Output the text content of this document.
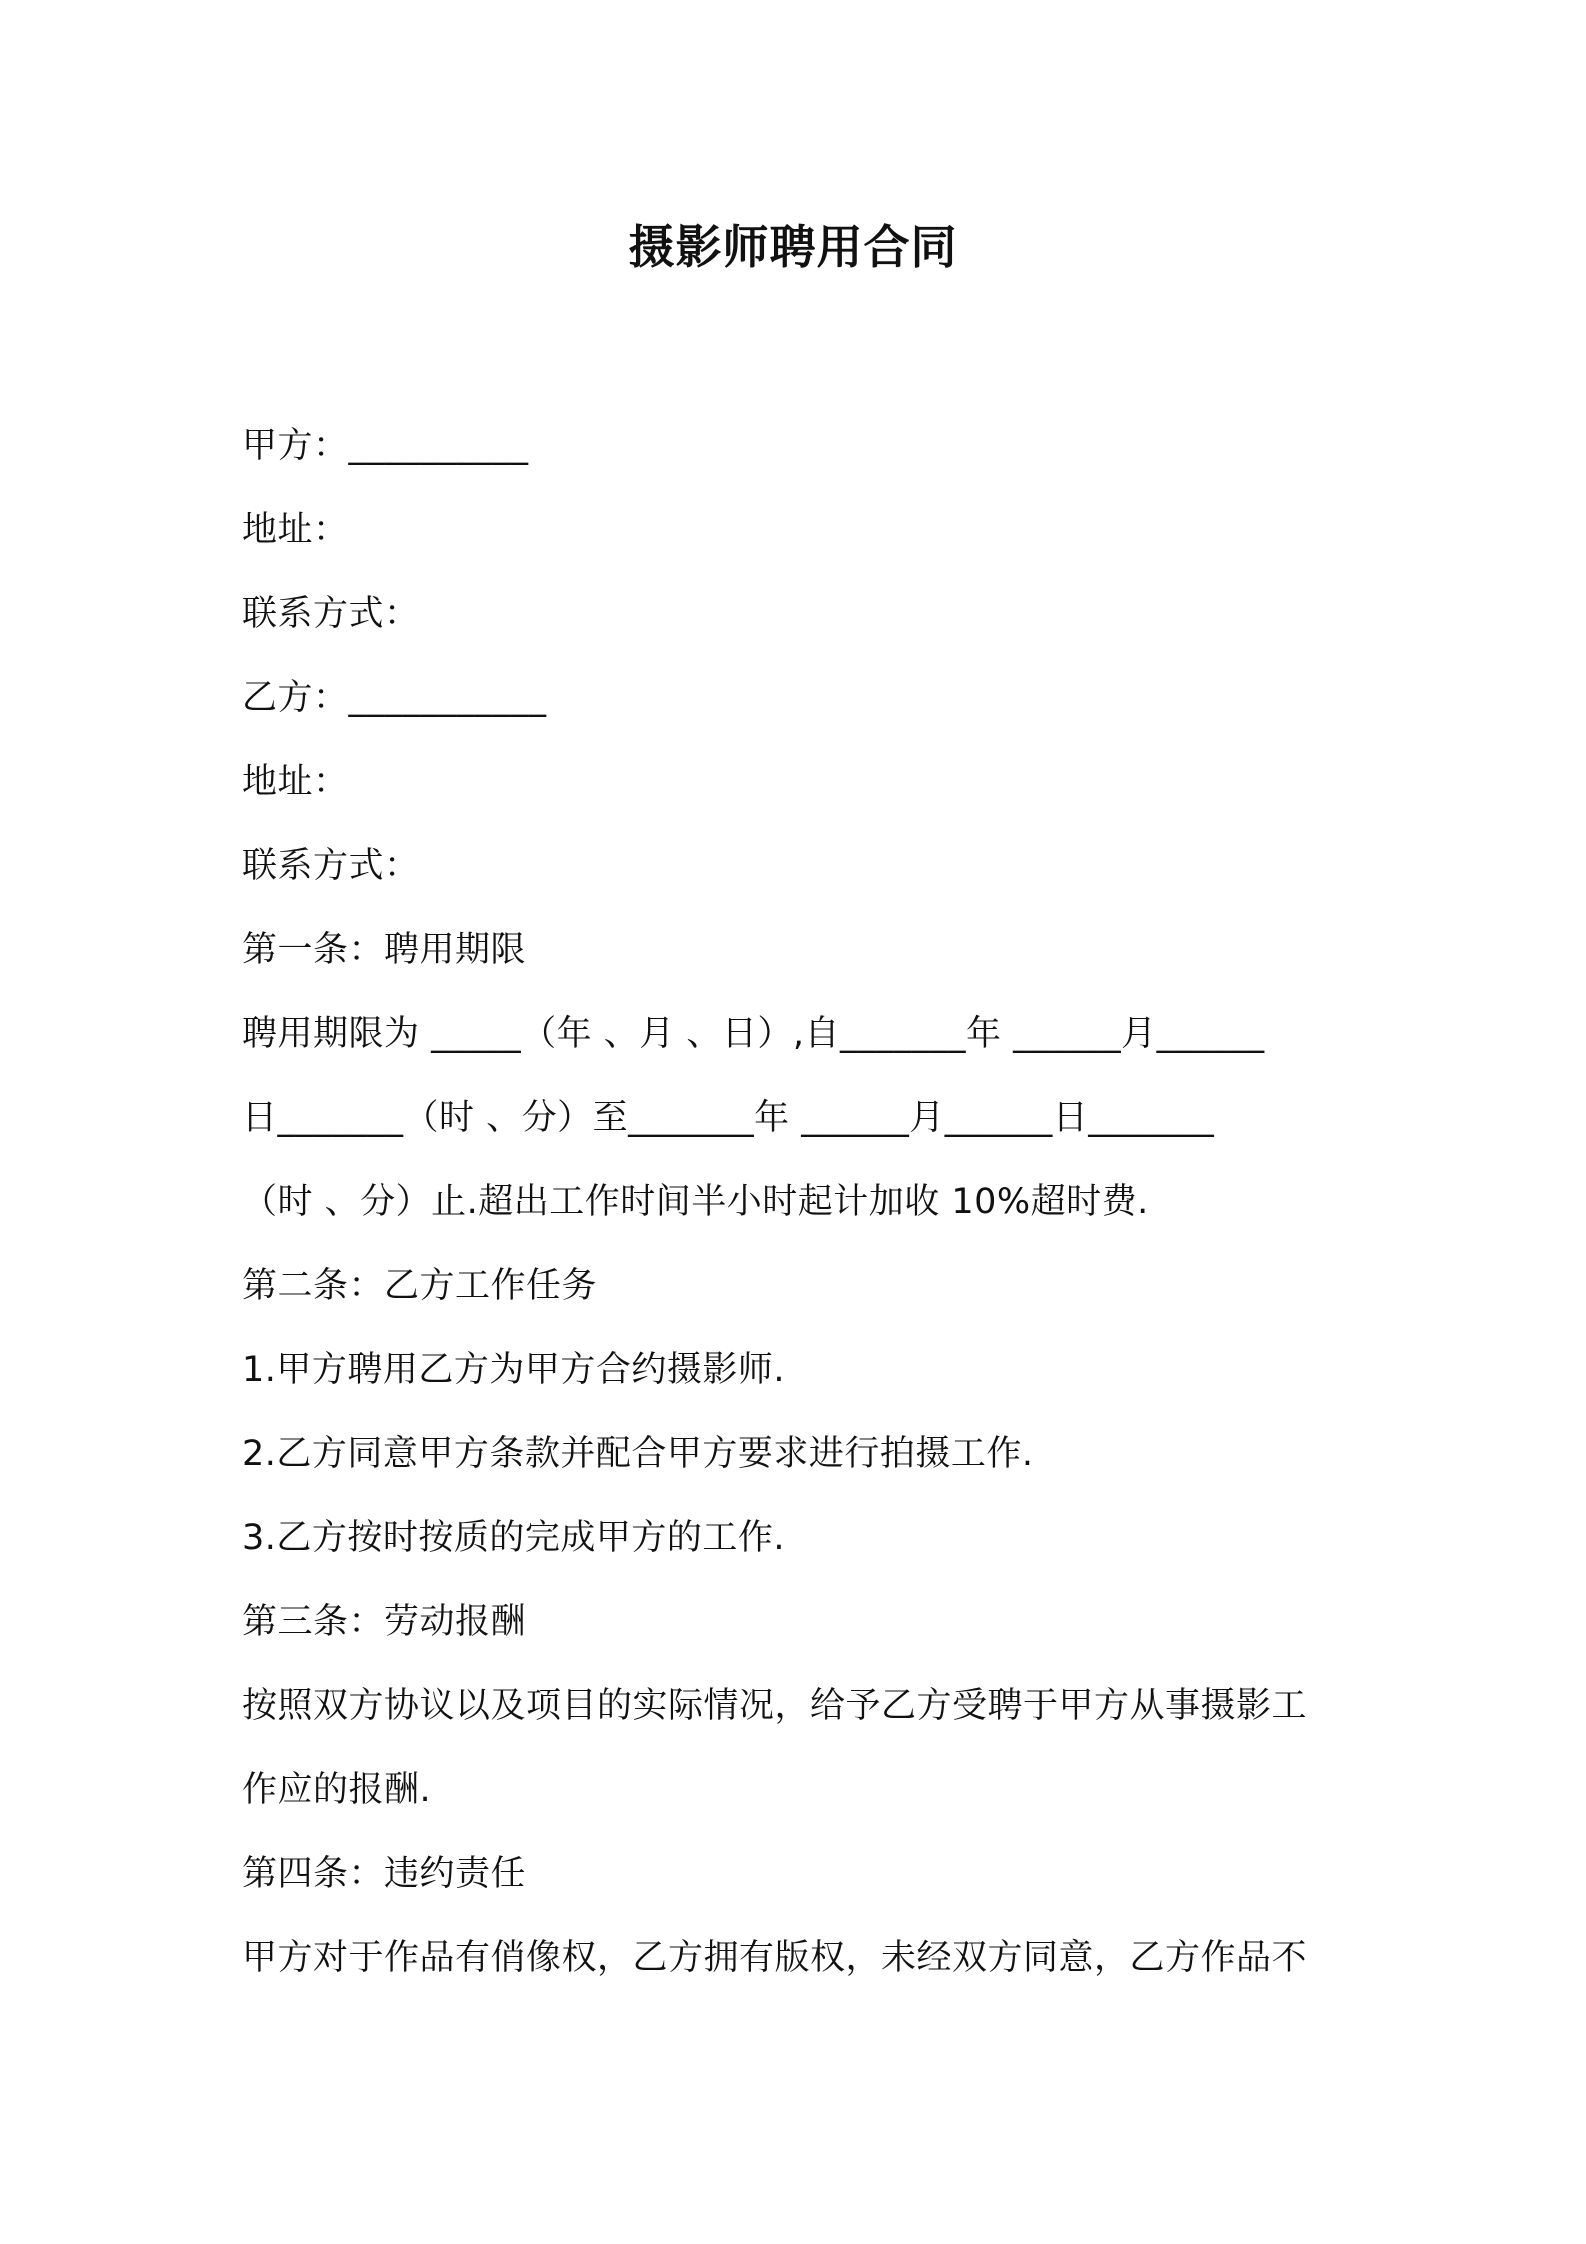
摄影师聘用合同

甲方：__________

地址：

联系方式：

乙方：___________

地址：

联系方式：

第一条：聘用期限

聘用期限为 _____（年 、月 、日）,自_______年 ______月______

日_______（时 、分）至_______年 ______月______日_______

（时 、分）止.超出工作时间半小时起计加收 10%超时费.

第二条：乙方工作任务

1.甲方聘用乙方为甲方合约摄影师.

2.乙方同意甲方条款并配合甲方要求进行拍摄工作.

3.乙方按时按质的完成甲方的工作.

第三条：劳动报酬

按照双方协议以及项目的实际情况，给予乙方受聘于甲方从事摄影工

作应的报酬.

第四条：违约责任

甲方对于作品有俏像权，乙方拥有版权，未经双方同意，乙方作品不
